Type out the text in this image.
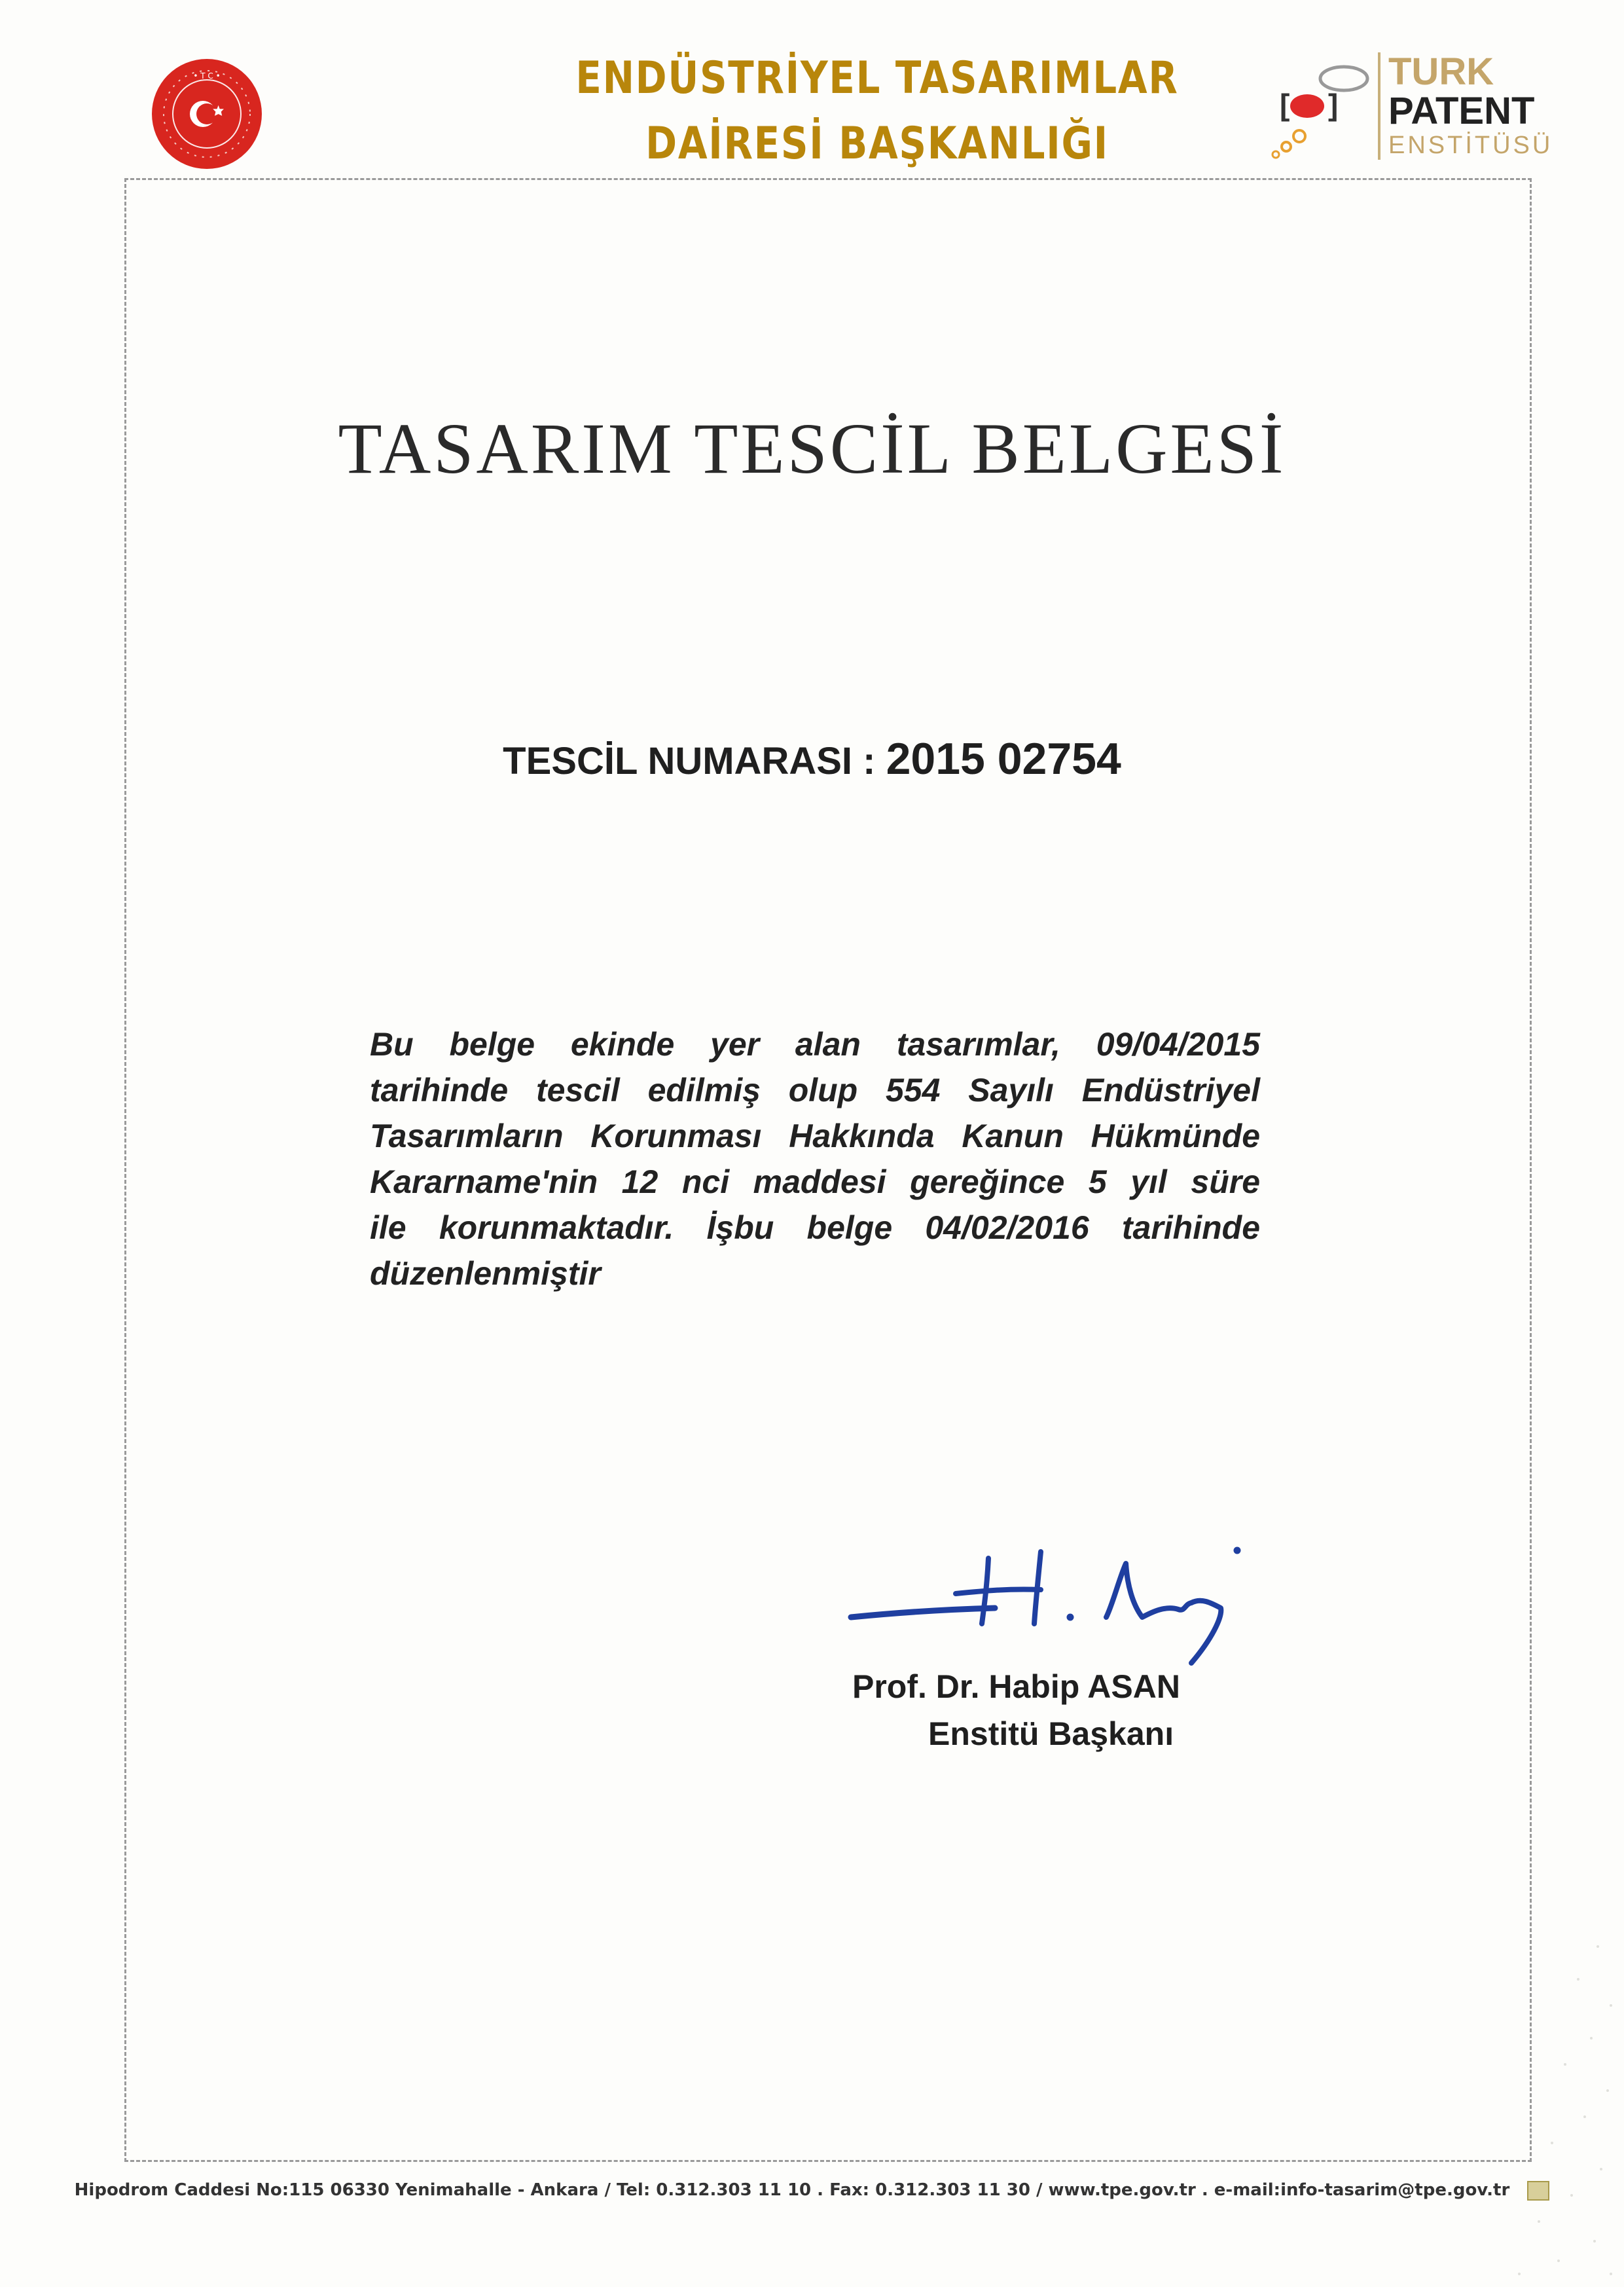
• T C •	ENDÜSTRİYEL TASARIMLAR
DAİRESİ BAŞKANLIĞI
[ ]
TURK
PATENT
ENSTİTÜSÜ
TASARIM TESCİL BELGESİ
TESCİL NUMARASI : 2015 02754
Bu belge ekinde yer alan tasarımlar, 09/04/2015
tarihinde tescil edilmiş olup 554 Sayılı Endüstriyel
Tasarımların Korunması Hakkında Kanun Hükmünde
Kararname'nin 12 nci maddesi gereğince 5 yıl süre
ile korunmaktadır. İşbu belge 04/02/2016 tarihinde
düzenlenmiştir
Prof. Dr. Habip ASAN
Enstitü Başkanı
Hipodrom Caddesi No:115 06330 Yenimahalle - Ankara / Tel: 0.312.303 11 10 . Fax: 0.312.303 11 30 / www.tpe.gov.tr . e-mail:info-tasarim@tpe.gov.tr
